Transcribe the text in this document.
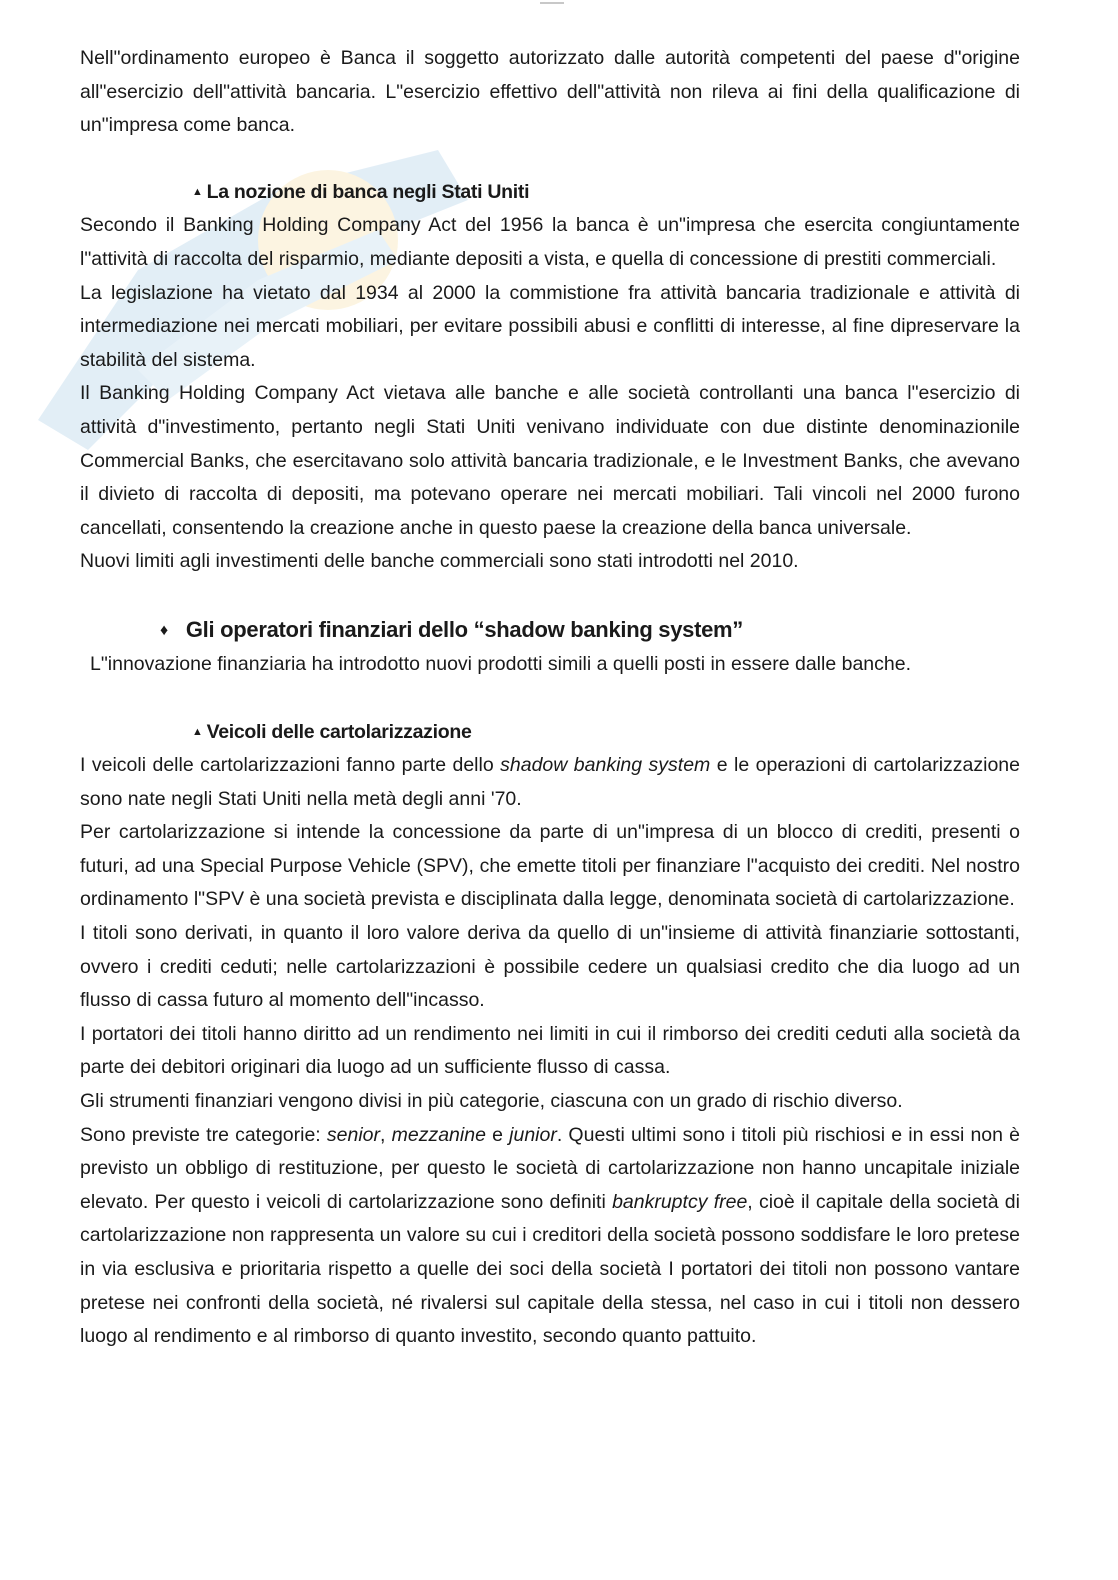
Nell"ordinamento europeo è Banca il soggetto autorizzato dalle autorità competenti del paese d"origine all"esercizio dell"attività bancaria. L"esercizio effettivo dell"attività non rileva ai fini della qualificazione di un"impresa come banca.

▲ La nozione di banca negli Stati Uniti

Secondo il Banking Holding Company Act del 1956 la banca è un"impresa che esercita congiuntamente l"attività di raccolta del risparmio, mediante depositi a vista, e quella di concessione di prestiti commerciali.

La legislazione ha vietato dal 1934 al 2000 la commistione fra attività bancaria tradizionale e attività di intermediazione nei mercati mobiliari, per evitare possibili abusi e conflitti di interesse, al fine dipreservare la stabilità del sistema.

Il Banking Holding Company Act vietava alle banche e alle società controllanti una banca l"esercizio di attività d"investimento, pertanto negli Stati Uniti venivano individuate con due distinte denominazionile Commercial Banks, che esercitavano solo attività bancaria tradizionale, e le Investment Banks, che avevano il divieto di raccolta di depositi, ma potevano operare nei mercati mobiliari. Tali vincoli nel 2000 furono cancellati, consentendo la creazione anche in questo paese la creazione della banca universale.

Nuovi limiti agli investimenti delle banche commerciali sono stati introdotti nel 2010.

♦ Gli operatori finanziari dello “shadow banking system”

L"innovazione finanziaria ha introdotto nuovi prodotti simili a quelli posti in essere dalle banche.

▲ Veicoli delle cartolarizzazione

I veicoli delle cartolarizzazioni fanno parte dello shadow banking system e le operazioni di cartolarizzazione sono nate negli Stati Uniti nella metà degli anni '70.

Per cartolarizzazione si intende la concessione da parte di un"impresa di un blocco di crediti, presenti o futuri, ad una Special Purpose Vehicle (SPV), che emette titoli per finanziare l"acquisto dei crediti. Nel nostro ordinamento l"SPV è una società prevista e disciplinata dalla legge, denominata società di cartolarizzazione.

I titoli sono derivati, in quanto il loro valore deriva da quello di un"insieme di attività finanziarie sottostanti, ovvero i crediti ceduti; nelle cartolarizzazioni è possibile cedere un qualsiasi credito che dia luogo ad un flusso di cassa futuro al momento dell"incasso.

I portatori dei titoli hanno diritto ad un rendimento nei limiti in cui il rimborso dei crediti ceduti alla società da parte dei debitori originari dia luogo ad un sufficiente flusso di cassa.

Gli strumenti finanziari vengono divisi in più categorie, ciascuna con un grado di rischio diverso.

Sono previste tre categorie: senior, mezzanine e junior. Questi ultimi sono i titoli più rischiosi e in essi non è previsto un obbligo di restituzione, per questo le società di cartolarizzazione non hanno uncapitale iniziale elevato. Per questo i veicoli di cartolarizzazione sono definiti bankruptcy free, cioè il capitale della società di cartolarizzazione non rappresenta un valore su cui i creditori della società possono soddisfare le loro pretese in via esclusiva e prioritaria rispetto a quelle dei soci della società I portatori dei titoli non possono vantare pretese nei confronti della società, né rivalersi sul capitale della stessa, nel caso in cui i titoli non dessero luogo al rendimento e al rimborso di quanto investito, secondo quanto pattuito.
